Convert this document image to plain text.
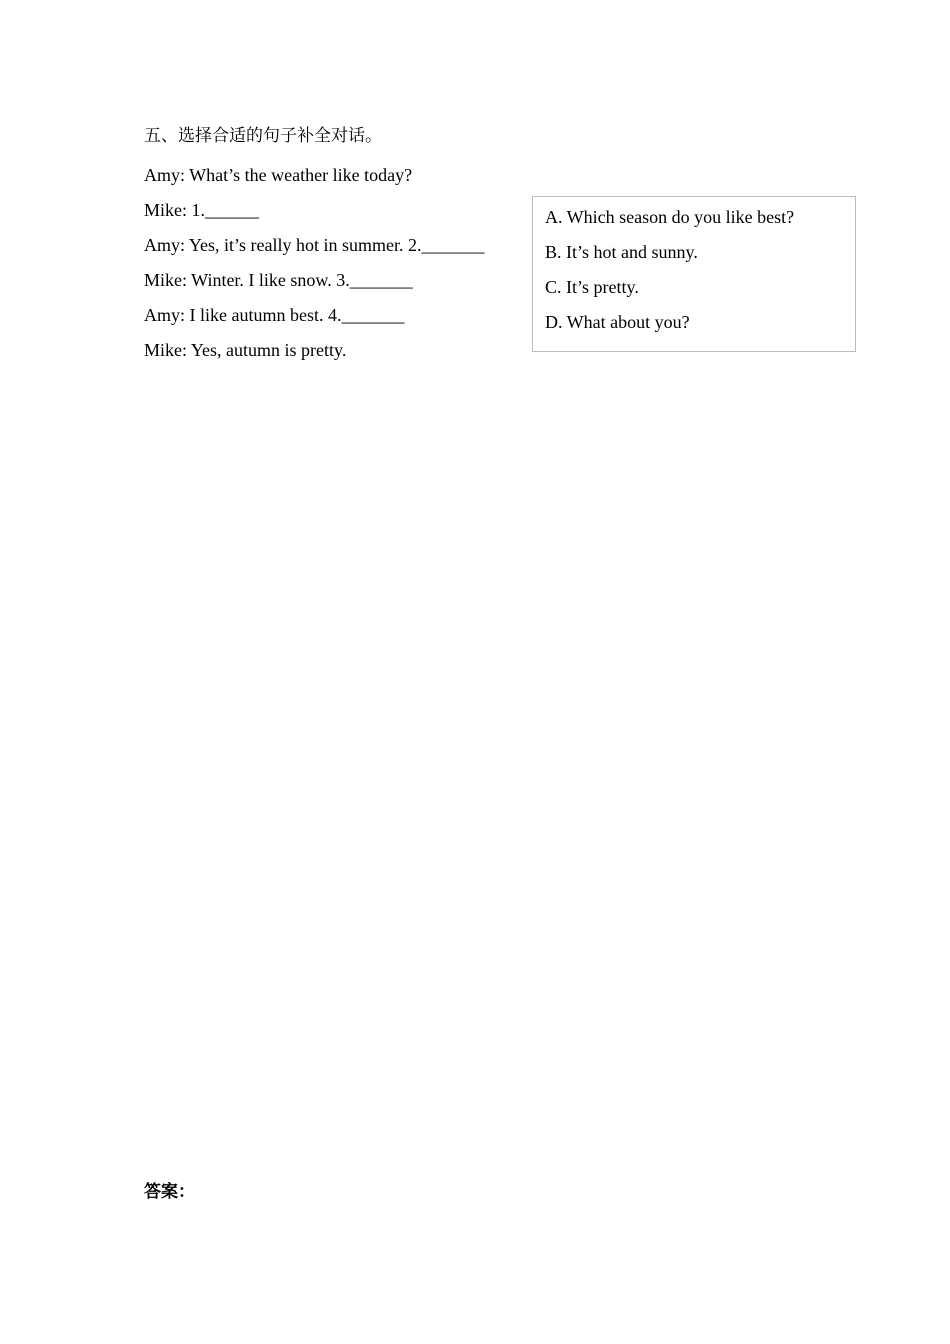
五、选择合适的句子补全对话。
Amy: What’s the weather like today?
Mike: 1.______
Amy: Yes, it’s really hot in summer. 2._______
Mike: Winter. I like snow. 3._______
Amy: I like autumn best. 4._______
Mike: Yes, autumn is pretty.
A. Which season do you like best?
B. It’s hot and sunny.
C. It’s pretty.
D. What about you?
答案：
